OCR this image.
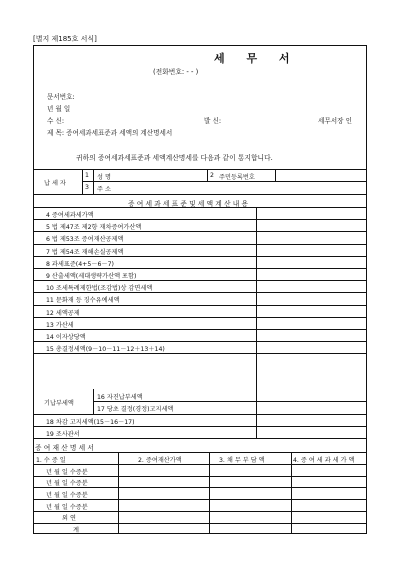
[별지 제185호 서식]
세 무 서
(전화번호: - - )
문서번호:
년 월 일
수 신:	발 신:	세무서장 인
제 목: 증여세과세표준과 세액의 계산명세서
귀하의 증여세과세표준과 세액계산명세를 다음과 같이 통지합니다.
납 세 자
1 성 명	2 주민등록번호
3 주 소
증 여 세 과 세 표 준 및 세 액 계 산 내 용
4 증여세과세가액
5 법 제47조 제2항 재차증여가산액
6 법 제53조 증여재산공제액
7 법 제54조 재해손실공제액
8 과세표준(4+5－6－7)
9 산출세액(세대생략가산액 포함)
10 조세특례제한법(조감법)상 감면세액
11 문화재 등 징수유예세액
12 세액공제
13 가산세
14 이자상당액
15 총결정세액(9－10－11－12＋13＋14)
기납부세액
16 자진납부세액
17 당초 결정(경정)고지세액
18 차감 고지세액(15－16－17)
19 조사관서
증 여 재 산 명 세 서
1. 수 증 일	2. 증여재산가액	3. 채 무 부 담 액	4. 증 여 세 과 세 가 액
년 월 일 수증분
년 월 일 수증분
년 월 일 수증분
년 월 일 수증분
외 연
계
